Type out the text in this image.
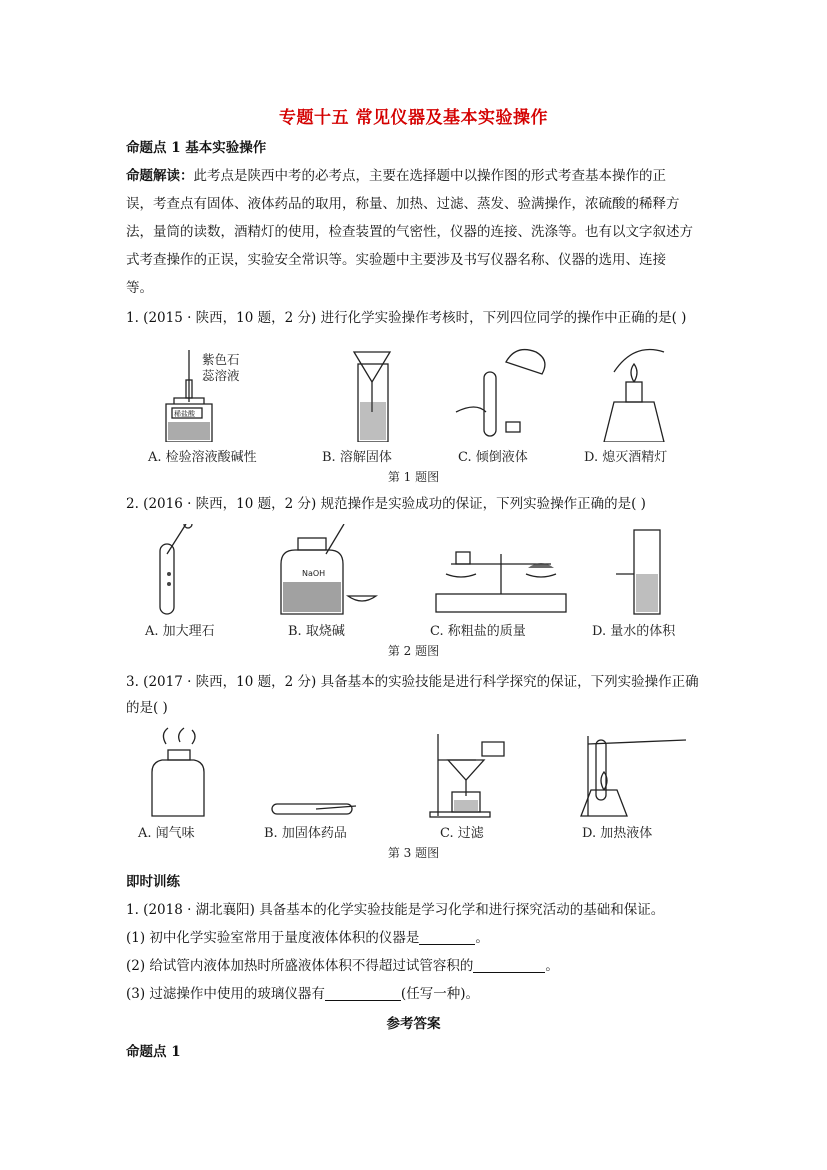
专题十五 常见仪器及基本实验操作
命题点 1 基本实验操作
命题解读：此考点是陕西中考的必考点，主要在选择题中以操作图的形式考查基本操作的正
误，考查点有固体、液体药品的取用，称量、加热、过滤、蒸发、验满操作，浓硫酸的稀释方
法，量筒的读数，酒精灯的使用，检查装置的气密性，仪器的连接、洗涤等。也有以文字叙述方
式考查操作的正误，实验安全常识等。实验题中主要涉及书写仪器名称、仪器的选用、连接
等。
1. (2015 · 陕西，10 题，2 分) 进行化学实验操作考核时，下列四位同学的操作中正确的是( )
紫色石
蕊溶液
稀盐酸
A. 检验溶液酸碱性	B. 溶解固体	C. 倾倒液体	D. 熄灭酒精灯
第 1 题图
2. (2016 · 陕西，10 题，2 分) 规范操作是实验成功的保证，下列实验操作正确的是( )
NaOH
A. 加大理石	B. 取烧碱	C. 称粗盐的质量	D. 量水的体积
第 2 题图
3. (2017 · 陕西，10 题，2 分) 具备基本的实验技能是进行科学探究的保证，下列实验操作正确
的是( )
A. 闻气味	B. 加固体药品	C. 过滤	D. 加热液体
第 3 题图
即时训练
1. (2018 · 湖北襄阳) 具备基本的化学实验技能是学习化学和进行探究活动的基础和保证。
(1) 初中化学实验室常用于量度液体体积的仪器是	。
(2) 给试管内液体加热时所盛液体体积不得超过试管容积的	。
(3) 过滤操作中使用的玻璃仪器有	(任写一种)。
参考答案
命题点 1
